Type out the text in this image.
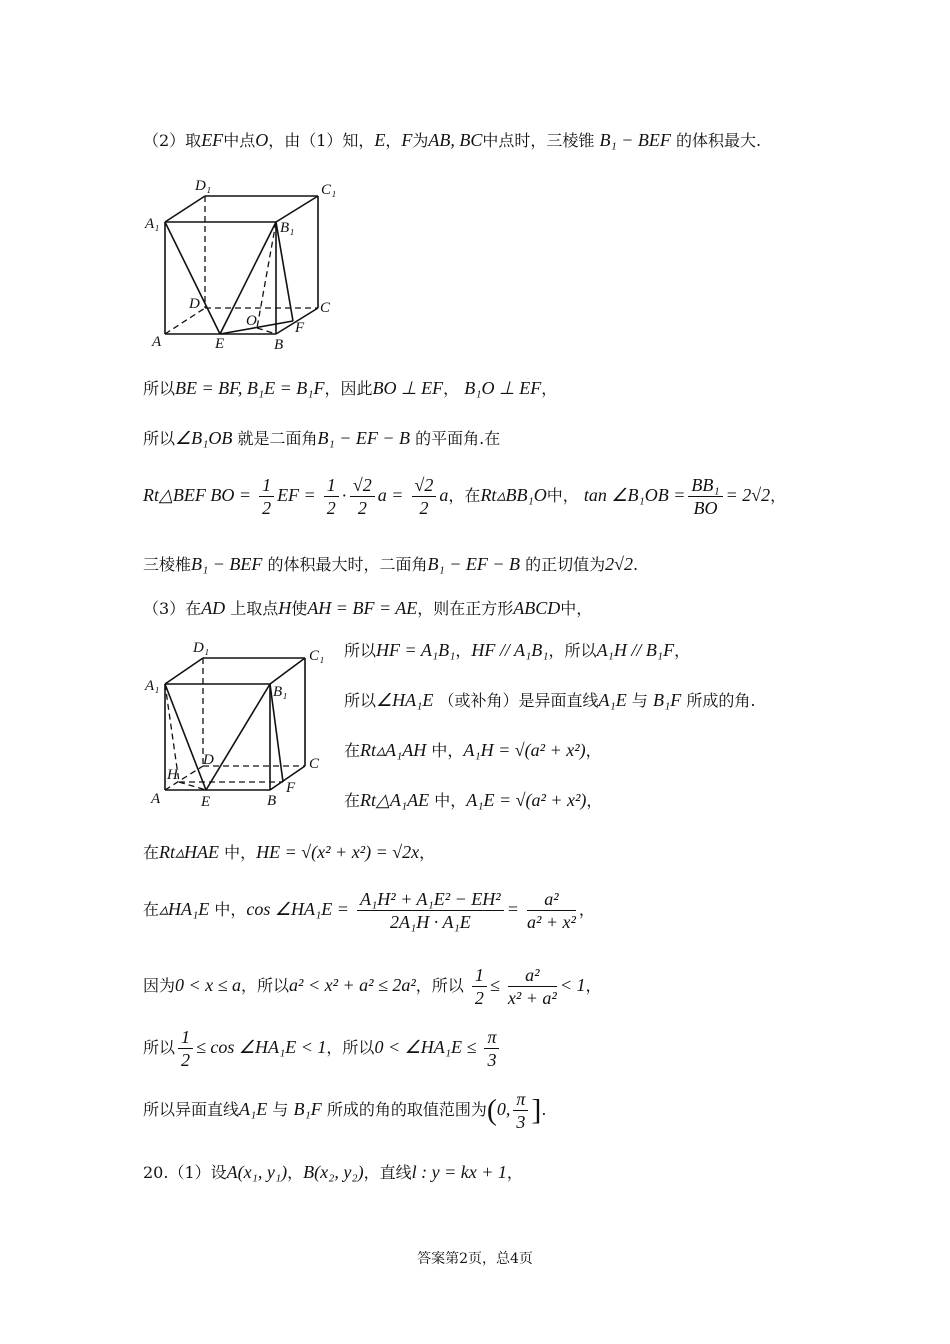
（2）取EF中点O，由（1）知，E，F为AB, BC中点时，三棱锥 B₁ − BEF 的体积最大.
D₁	C₁
A₁	B₁
D	C
O	F
A	E	B
所以BE = BF, B₁E = B₁F，因此BO ⊥ EF， B₁O ⊥ EF，
所以∠B₁OB 就是二面角B₁ − EF − B 的平面角.在
Rt△BEF BO = $\frac{1}{2}$ EF = $\frac{1}{2} \cdot \frac{√2}{2}$ $a = \frac{√2}{2}$ a，在Rt▵BB₁O中， tan ∠B₁OB = $\frac{\text{BB₁}}{BO} = 2√2$，
三棱椎B₁ − BEF 的体积最大时，二面角B₁ − EF − B 的正切值为2√2.
（3）在AD 上取点H使AH = BF = AE，则在正方形ABCD中，
D₁	C₁
A₁	B₁
D	C
H
F
A	E	B
所以HF = A₁B₁，HF // A₁B₁，所以A₁H // B₁F，
所以∠HA₁E （或补角）是异面直线A₁E 与 B₁F 所成的角.
在Rt▵A₁AH 中，A₁H = √(a² + x²)，
在Rt△A₁AE 中，A₁E = √(a² + x²)，
在Rt▵HAE 中，HE = √(x² + x²) = √2x，
在▵HA₁E 中，cos ∠HA₁E = $\frac{\text{A₁H² + A₁E² − EH²}}{\text{2A₁H · A₁E}} = \frac{\text{a²}}{\text{a² + x²}}$ ，
因为0 < x ≤ a，所以a² < x² + a² ≤ 2a²，所以 $\frac{1}{2} \le \frac{\text{a²}}{\text{x² + a²}} < 1$，
所以 $\frac{1}{2} \le \cos$ ∠HA₁E < 1，所以0 < ∠HA₁E ≤ $\frac{\pi}{3}$
所以异面直线A₁E 与 B₁F 所成的角的取值范围为(0, $\frac{\pi}{3}$ ].
20.（1）设A(x₁, y₁)，B(x₂, y₂)，直线l : y = kx + 1，
答案第2页，总4页
